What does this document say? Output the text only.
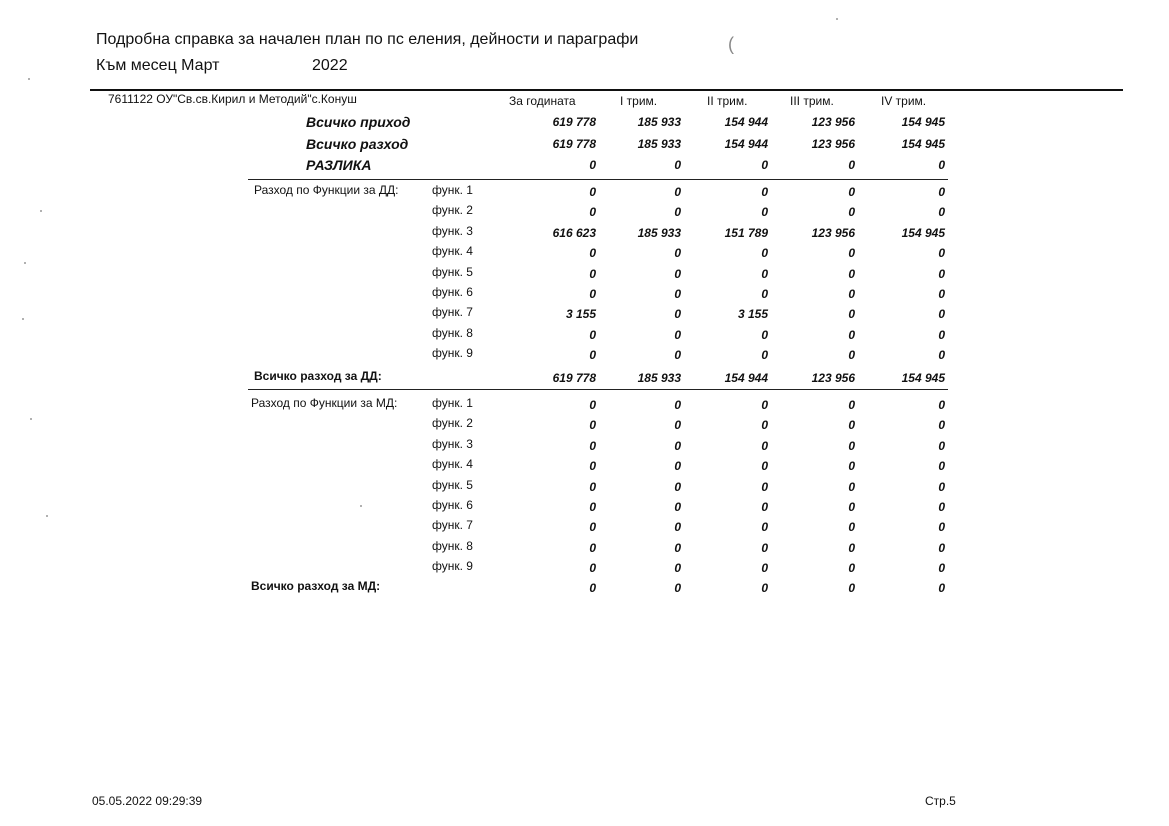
Подробна справка за начален план по пс еления, дейности и параграфи	(
Към месец Март	2022
7611122 ОУ"Св.св.Кирил и Методий"с.Конуш	За годината	I трим.	II трим.	III трим.	IV трим.
Всичко приход	619 778	185 933	154 944	123 956	154 945
Всичко разход	619 778	185 933	154 944	123 956	154 945
РАЗЛИКА	0	0	0	0	0
Разход по Функции за ДД:	функ. 1	0	0	0	0	0
функ. 2	0	0	0	0	0
функ. 3	616 623	185 933	151 789	123 956	154 945
функ. 4	0	0	0	0	0
функ. 5	0	0	0	0	0
функ. 6	0	0	0	0	0
функ. 7	3 155	0	3 155	0	0
функ. 8	0	0	0	0	0
функ. 9	0	0	0	0	0
Всичко разход за ДД:	619 778	185 933	154 944	123 956	154 945
Разход по Функции за МД:	функ. 1	0	0	0	0	0
функ. 2	0	0	0	0	0
функ. 3	0	0	0	0	0
функ. 4	0	0	0	0	0
функ. 5	0	0	0	0	0
функ. 6	0	0	0	0	0
функ. 7	0	0	0	0	0
функ. 8	0	0	0	0	0
функ. 9	0	0	0	0	0
Всичко разход за МД:	0	0	0	0	0
05.05.2022 09:29:39	Стр.5
